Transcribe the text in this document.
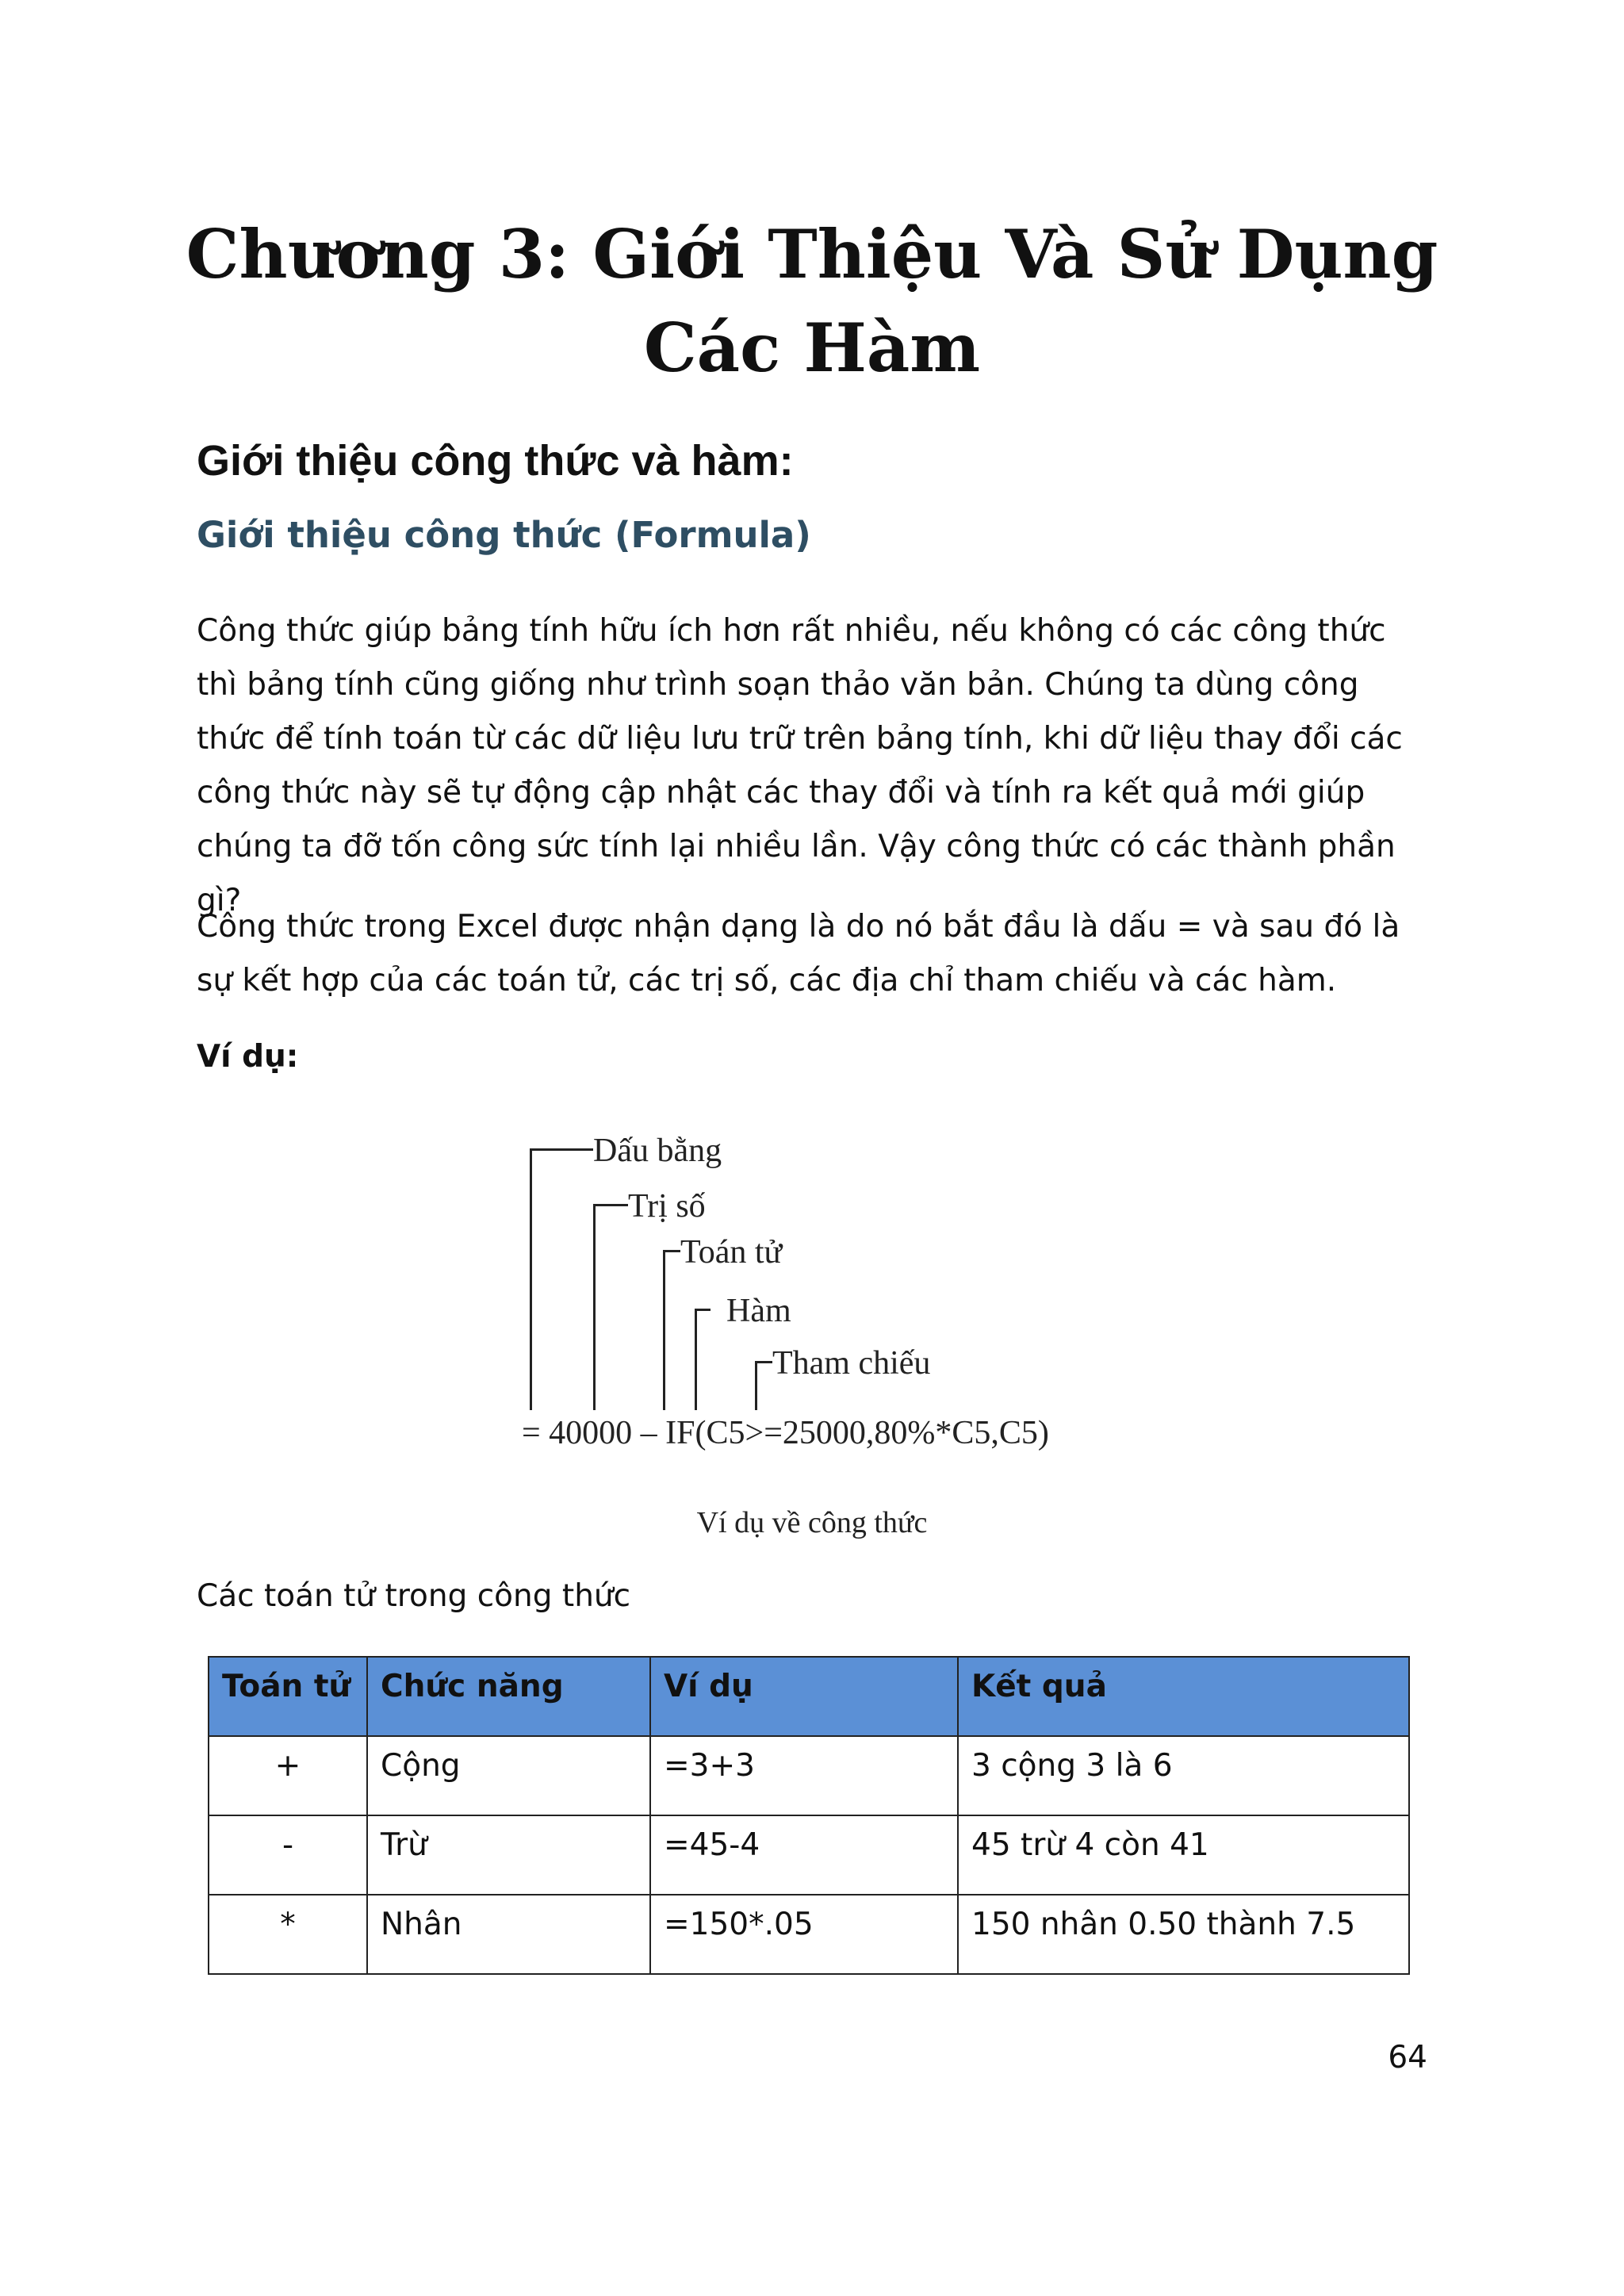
Chương 3: Giới Thiệu Và Sử Dụng Các Hàm
Giới thiệu công thức và hàm:
Giới thiệu công thức (Formula)

Công thức giúp bảng tính hữu ích hơn rất nhiều, nếu không có các công thức thì bảng tính cũng giống như trình soạn thảo văn bản. Chúng ta dùng công thức để tính toán từ các dữ liệu lưu trữ trên bảng tính, khi dữ liệu thay đổi các công thức này sẽ tự động cập nhật các thay đổi và tính ra kết quả mới giúp chúng ta đỡ tốn công sức tính lại nhiều lần. Vậy công thức có các thành phần gì?

Công thức trong Excel được nhận dạng là do nó bắt đầu là dấu = và sau đó là sự kết hợp của các toán tử, các trị số, các địa chỉ tham chiếu và các hàm.

Ví dụ:

Dấu bằng
Trị số
Toán tử
Hàm
Tham chiếu
= 40000 – IF(C5>=25000,80%*C5,C5)

Ví dụ về công thức

Các toán tử trong công thức

Toán tử	Chức năng	Ví dụ	Kết quả
+	Cộng	=3+3	3 cộng 3 là 6
-	Trừ	=45-4	45 trừ 4 còn 41
*	Nhân	=150*.05	150 nhân 0.50 thành 7.5

64
